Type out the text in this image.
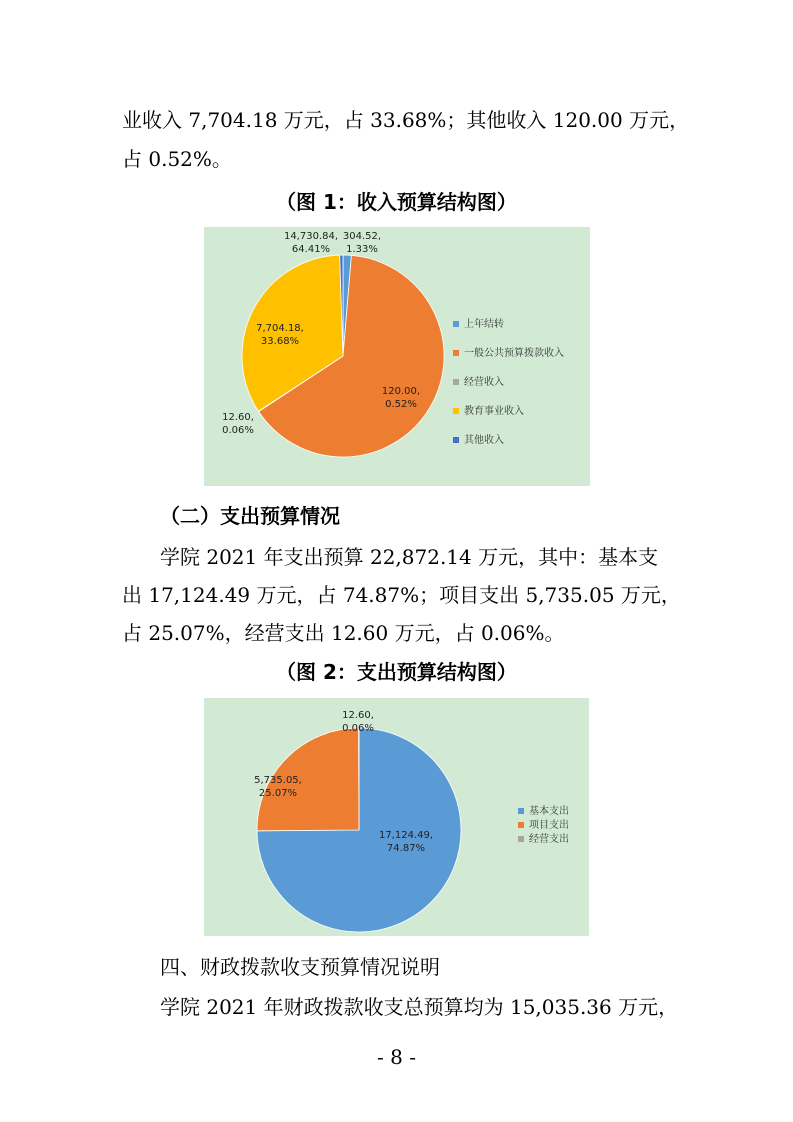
业收入 7,704.18 万元，占 33.68%；其他收入 120.00 万元，
占 0.52%。
（图 1：收入预算结构图）
304.52, 1.33%
14,730.84, 64.41%
12.60, 0.06%
7,704.18, 33.68%
120.00, 0.52%
上年结转
一般公共预算拨款收入
经营收入
教育事业收入
其他收入
（二）支出预算情况
学院 2021 年支出预算 22,872.14 万元，其中：基本支
出 17,124.49 万元，占 74.87%；项目支出 5,735.05 万元，
占 25.07%，经营支出 12.60 万元，占 0.06%。
（图 2：支出预算结构图）
17,124.49, 74.87%
5,735.05, 25.07%
12.60, 0.06%
基本支出
项目支出
经营支出
四、财政拨款收支预算情况说明
学院 2021 年财政拨款收支总预算均为 15,035.36 万元，
- 8 -
